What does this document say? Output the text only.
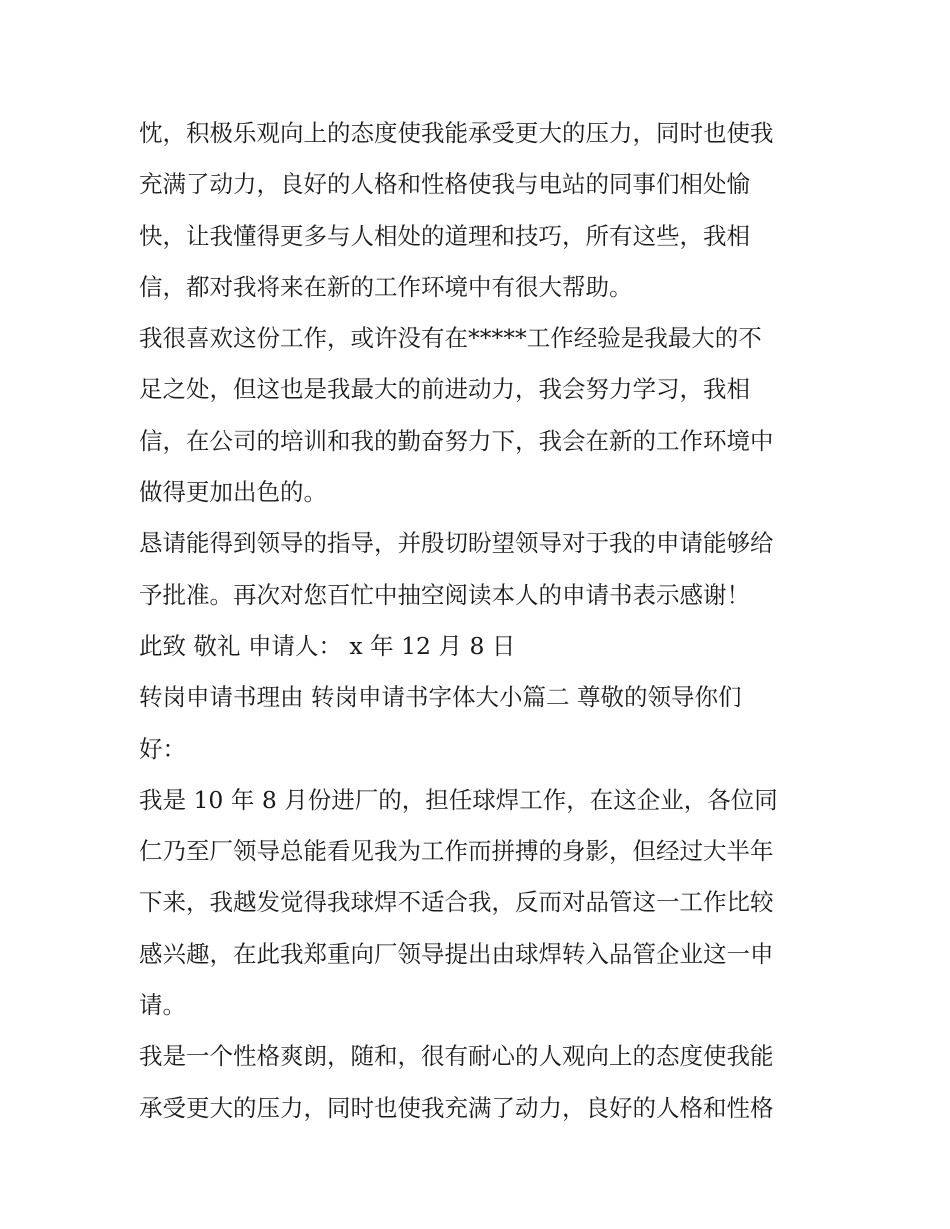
忱，积极乐观向上的态度使我能承受更大的压力，同时也使我
充满了动力，良好的人格和性格使我与电站的同事们相处愉
快，让我懂得更多与人相处的道理和技巧，所有这些，我相
信，都对我将来在新的工作环境中有很大帮助。
我很喜欢这份工作，或许没有在*****工作经验是我最大的不
足之处，但这也是我最大的前进动力，我会努力学习，我相
信，在公司的培训和我的勤奋努力下，我会在新的工作环境中
做得更加出色的。
恳请能得到领导的指导，并殷切盼望领导对于我的申请能够给
予批准。再次对您百忙中抽空阅读本人的申请书表示感谢！
此致 敬礼 申请人： x 年 12 月 8 日
转岗申请书理由 转岗申请书字体大小篇二 尊敬的领导你们
好：
我是 10 年 8 月份进厂的，担任球焊工作，在这企业，各位同
仁乃至厂领导总能看见我为工作而拼搏的身影，但经过大半年
下来，我越发觉得我球焊不适合我，反而对品管这一工作比较
感兴趣，在此我郑重向厂领导提出由球焊转入品管企业这一申
请。
我是一个性格爽朗，随和，很有耐心的人观向上的态度使我能
承受更大的压力，同时也使我充满了动力，良好的人格和性格
